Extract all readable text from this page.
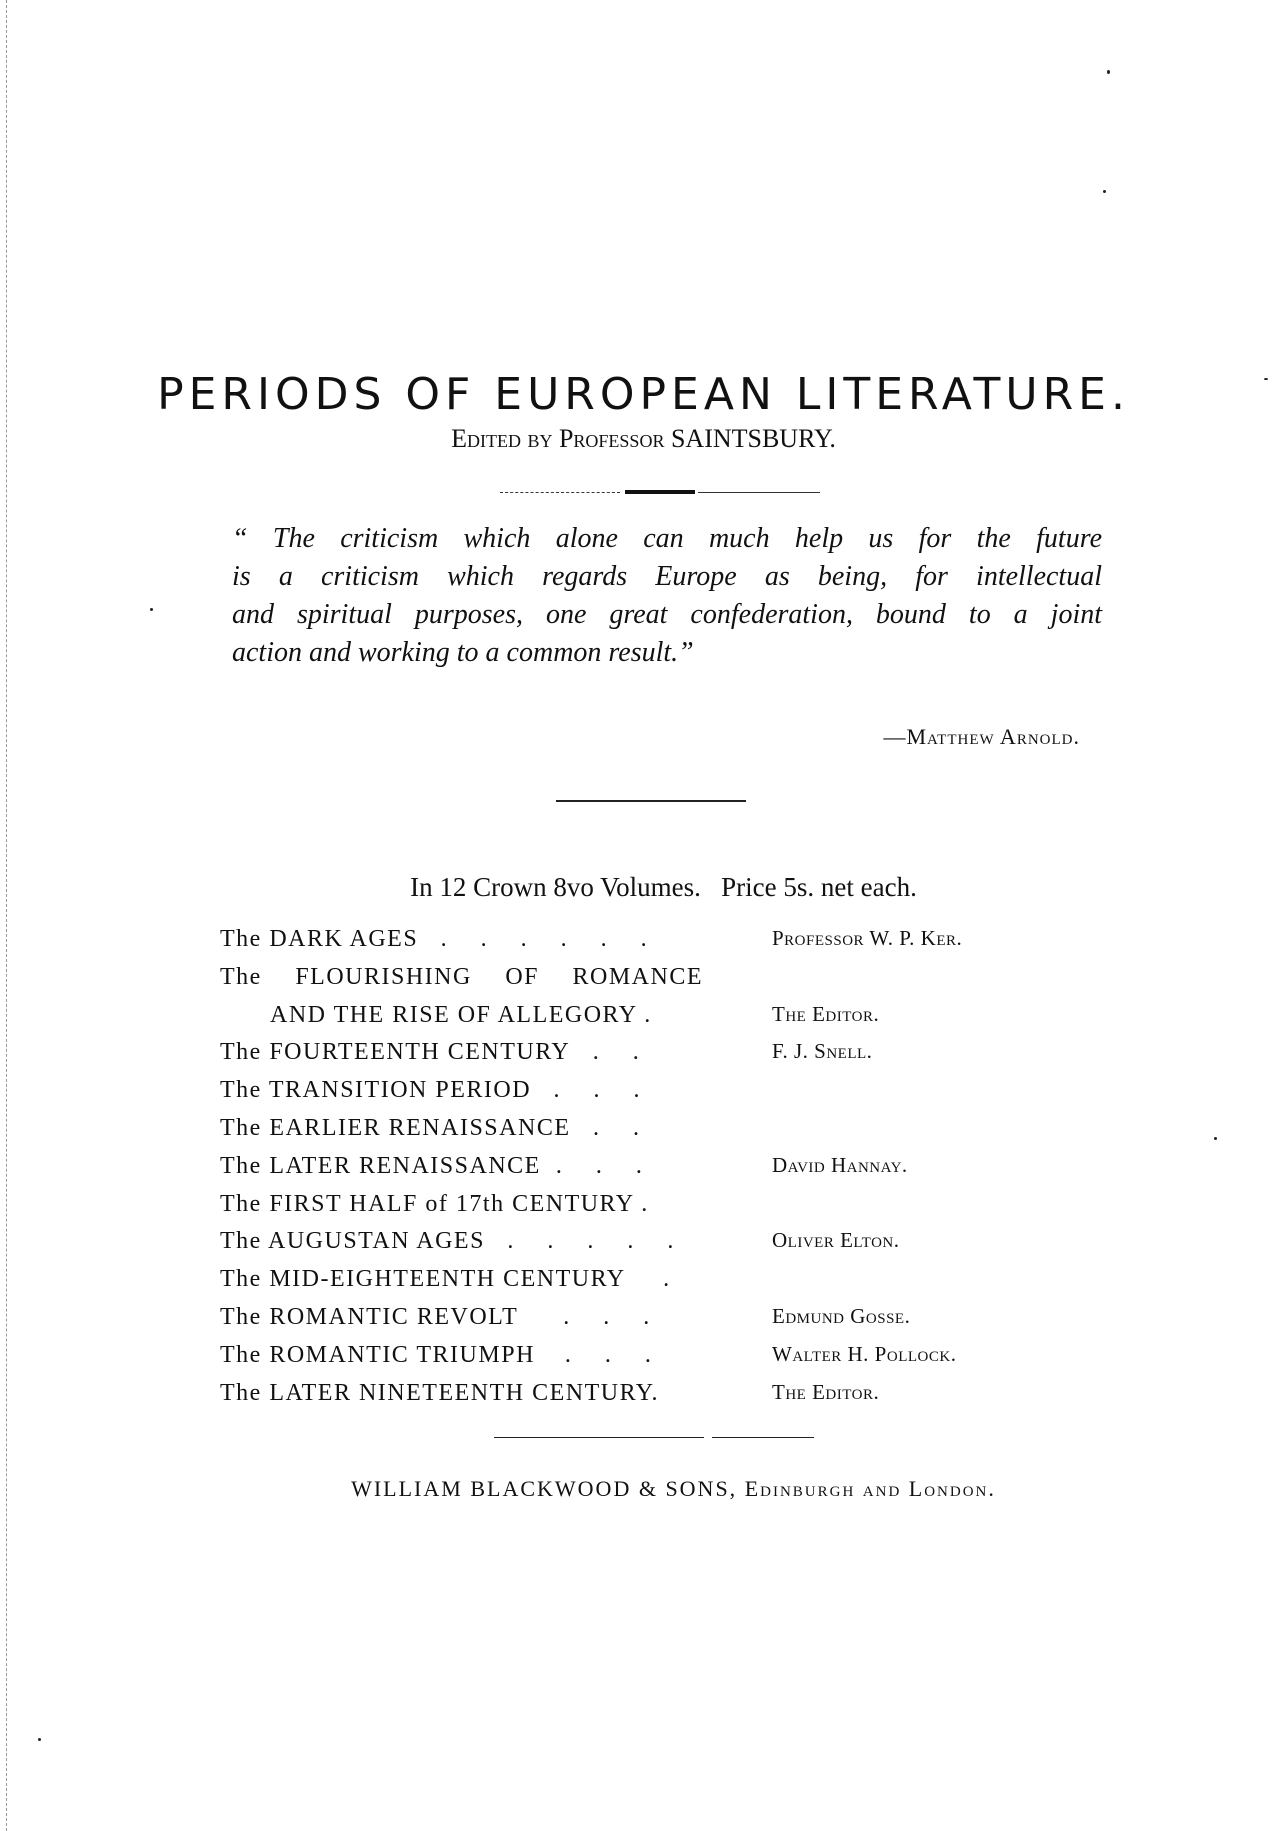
PERIODS OF EUROPEAN LITERATURE.
Edited by Professor SAINTSBURY.
“ The criticism which alone can much help us for the future
is a criticism which regards Europe as being, for intellectual
and spiritual purposes, one great confederation, bound to a joint
action and working to a common result.”
—Matthew Arnold.
In 12 Crown 8vo Volumes.   Price 5s. net each.
The DARK AGES . . . . . .	Professor W. P. Ker.
The FLOURISHING OF ROMANCE
AND THE RISE OF ALLEGORY .	The Editor.
The FOURTEENTH CENTURY . .	F. J. Snell.
The TRANSITION PERIOD . . .
The EARLIER RENAISSANCE . .
The LATER RENAISSANCE . . .	David Hannay.
The FIRST HALF of 17th CENTURY .
The AUGUSTAN AGES . . . . .	Oliver Elton.
The MID-EIGHTEENTH CENTURY .
The ROMANTIC REVOLT . . .	Edmund Gosse.
The ROMANTIC TRIUMPH . . .	Walter H. Pollock.
The LATER NINETEENTH CENTURY.	The Editor.
WILLIAM BLACKWOOD & SONS, Edinburgh and London.
